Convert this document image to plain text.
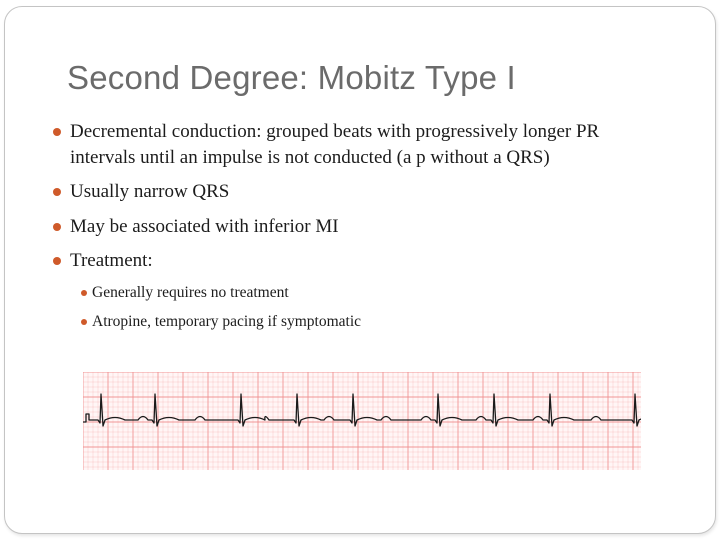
Second Degree: Mobitz Type I
Decremental conduction: grouped beats with progressively longer PR intervals until an impulse is not conducted (a p without a QRS)
Usually narrow QRS
May be associated with inferior MI
Treatment:
Generally requires no treatment
Atropine, temporary pacing if symptomatic
